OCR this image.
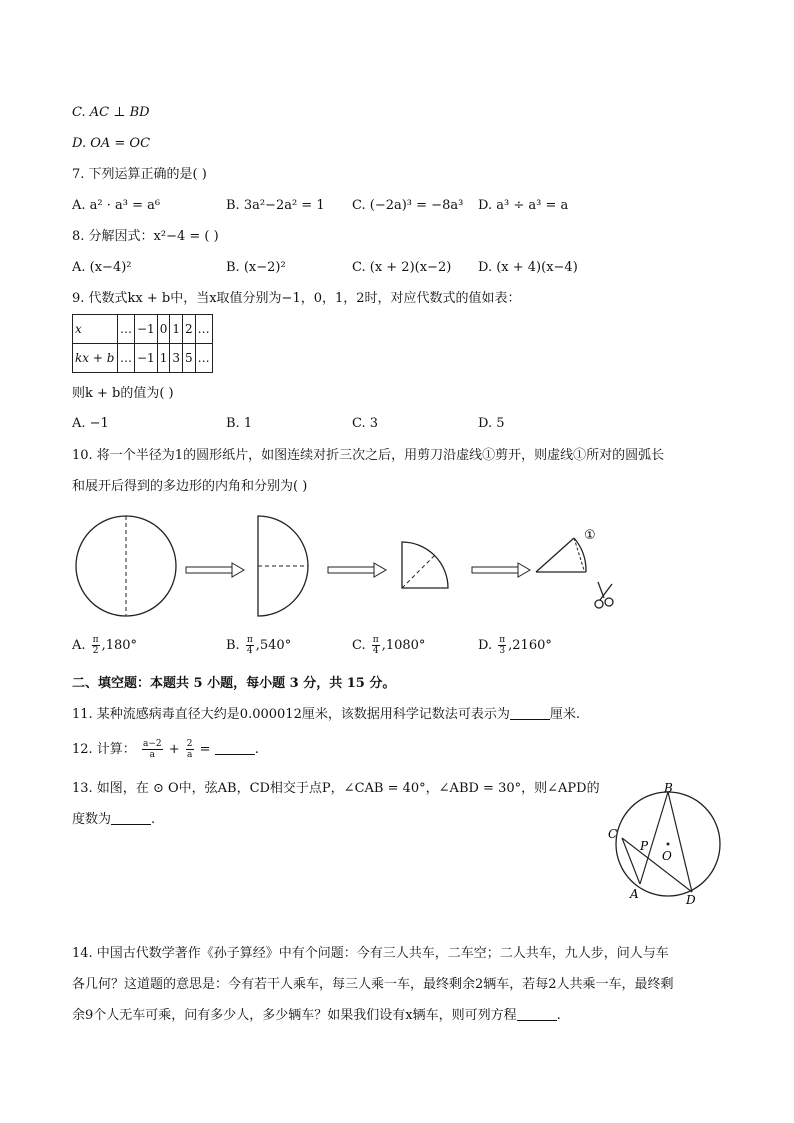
C. AC ⊥ BD
D. OA = OC
7. 下列运算正确的是( )
A. a² · a³ = a⁶	B. 3a²−2a² = 1 C. (−2a)³ = −8a³ D. a³ ÷ a³ = a
8. 分解因式：x²−4 = ( )
A. (x−4)²	B. (x−2)²	C. (x + 2)(x−2) D. (x + 4)(x−4)
9. 代数式kx + b中，当x取值分别为−1，0，1，2时，对应代数式的值如表：
x	…	−1	0	1	2	…
kx + b	…	−1	1	3	5	…
则k + b的值为( )
A. −1	B. 1	C. 3	D. 5
10. 将一个半径为1的圆形纸片，如图连续对折三次之后，用剪刀沿虚线①剪开，则虚线①所对的圆弧长
和展开后得到的多边形的内角和分别为( )
①
A. $\frac{\pi}{2} ,180^\circ$	B. $\frac{\pi}{4} ,540^\circ$	C. $\frac{\pi}{4} ,1080^\circ$	D. $\frac{\pi}{3} ,2160^\circ$
二、填空题：本题共 5 小题，每小题 3 分，共 15 分。
11. 某种流感病毒直径大约是0.000012厘米，该数据用科学记数法可表示为	厘米.
12. 计算： $\frac{a-2}{a} + \frac{2}{a}$ =	.
13. 如图，在 ⊙ O中，弦AB，CD相交于点P，∠CAB = 40°，∠ABD = 30°，则∠APD的
度数为	.
B
C
P
O
A	D
14. 中国古代数学著作《孙子算经》中有个问题：今有三人共车，二车空；二人共车，九人步，问人与车
各几何？这道题的意思是：今有若干人乘车，每三人乘一车，最终剩余2辆车，若每2人共乘一车，最终剩
余9个人无车可乘，问有多少人，多少辆车？如果我们设有x辆车，则可列方程	.
